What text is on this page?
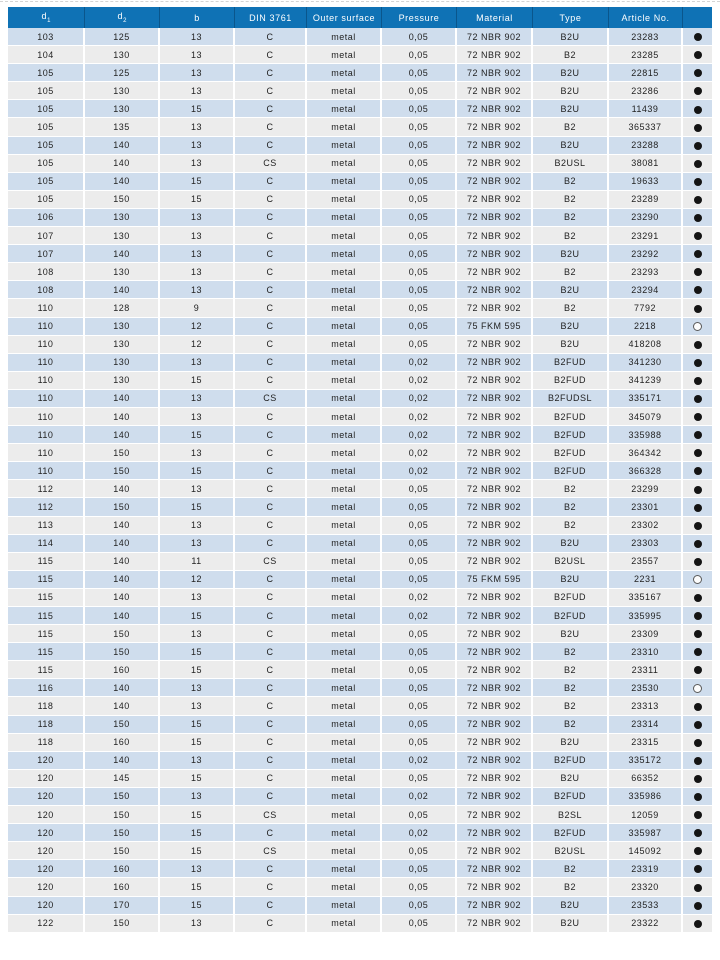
$d_1$	$d_2$	b	DIN 3761	Outer surface	Pressure	Material	Type	Article No.	
103	125	13	C	metal	0,05	72 NBR 902	B2U	23283	
104	130	13	C	metal	0,05	72 NBR 902	B2	23285	
105	125	13	C	metal	0,05	72 NBR 902	B2U	22815	
105	130	13	C	metal	0,05	72 NBR 902	B2U	23286	
105	130	15	C	metal	0,05	72 NBR 902	B2U	11439	
105	135	13	C	metal	0,05	72 NBR 902	B2	365337	
105	140	13	C	metal	0,05	72 NBR 902	B2U	23288	
105	140	13	CS	metal	0,05	72 NBR 902	B2USL	38081	
105	140	15	C	metal	0,05	72 NBR 902	B2	19633	
105	150	15	C	metal	0,05	72 NBR 902	B2	23289	
106	130	13	C	metal	0,05	72 NBR 902	B2	23290	
107	130	13	C	metal	0,05	72 NBR 902	B2	23291	
107	140	13	C	metal	0,05	72 NBR 902	B2U	23292	
108	130	13	C	metal	0,05	72 NBR 902	B2	23293	
108	140	13	C	metal	0,05	72 NBR 902	B2U	23294	
110	128	9	C	metal	0,05	72 NBR 902	B2	7792	
110	130	12	C	metal	0,05	75 FKM 595	B2U	2218	
110	130	12	C	metal	0,05	72 NBR 902	B2U	418208	
110	130	13	C	metal	0,02	72 NBR 902	B2FUD	341230	
110	130	15	C	metal	0,02	72 NBR 902	B2FUD	341239	
110	140	13	CS	metal	0,02	72 NBR 902	B2FUDSL	335171	
110	140	13	C	metal	0,02	72 NBR 902	B2FUD	345079	
110	140	15	C	metal	0,02	72 NBR 902	B2FUD	335988	
110	150	13	C	metal	0,02	72 NBR 902	B2FUD	364342	
110	150	15	C	metal	0,02	72 NBR 902	B2FUD	366328	
112	140	13	C	metal	0,05	72 NBR 902	B2	23299	
112	150	15	C	metal	0,05	72 NBR 902	B2	23301	
113	140	13	C	metal	0,05	72 NBR 902	B2	23302	
114	140	13	C	metal	0,05	72 NBR 902	B2U	23303	
115	140	11	CS	metal	0,05	72 NBR 902	B2USL	23557	
115	140	12	C	metal	0,05	75 FKM 595	B2U	2231	
115	140	13	C	metal	0,02	72 NBR 902	B2FUD	335167	
115	140	15	C	metal	0,02	72 NBR 902	B2FUD	335995	
115	150	13	C	metal	0,05	72 NBR 902	B2U	23309	
115	150	15	C	metal	0,05	72 NBR 902	B2	23310	
115	160	15	C	metal	0,05	72 NBR 902	B2	23311	
116	140	13	C	metal	0,05	72 NBR 902	B2	23530	
118	140	13	C	metal	0,05	72 NBR 902	B2	23313	
118	150	15	C	metal	0,05	72 NBR 902	B2	23314	
118	160	15	C	metal	0,05	72 NBR 902	B2U	23315	
120	140	13	C	metal	0,02	72 NBR 902	B2FUD	335172	
120	145	15	C	metal	0,05	72 NBR 902	B2U	66352	
120	150	13	C	metal	0,02	72 NBR 902	B2FUD	335986	
120	150	15	CS	metal	0,05	72 NBR 902	B2SL	12059	
120	150	15	C	metal	0,02	72 NBR 902	B2FUD	335987	
120	150	15	CS	metal	0,05	72 NBR 902	B2USL	145092	
120	160	13	C	metal	0,05	72 NBR 902	B2	23319	
120	160	15	C	metal	0,05	72 NBR 902	B2	23320	
120	170	15	C	metal	0,05	72 NBR 902	B2U	23533	
122	150	13	C	metal	0,05	72 NBR 902	B2U	23322	
